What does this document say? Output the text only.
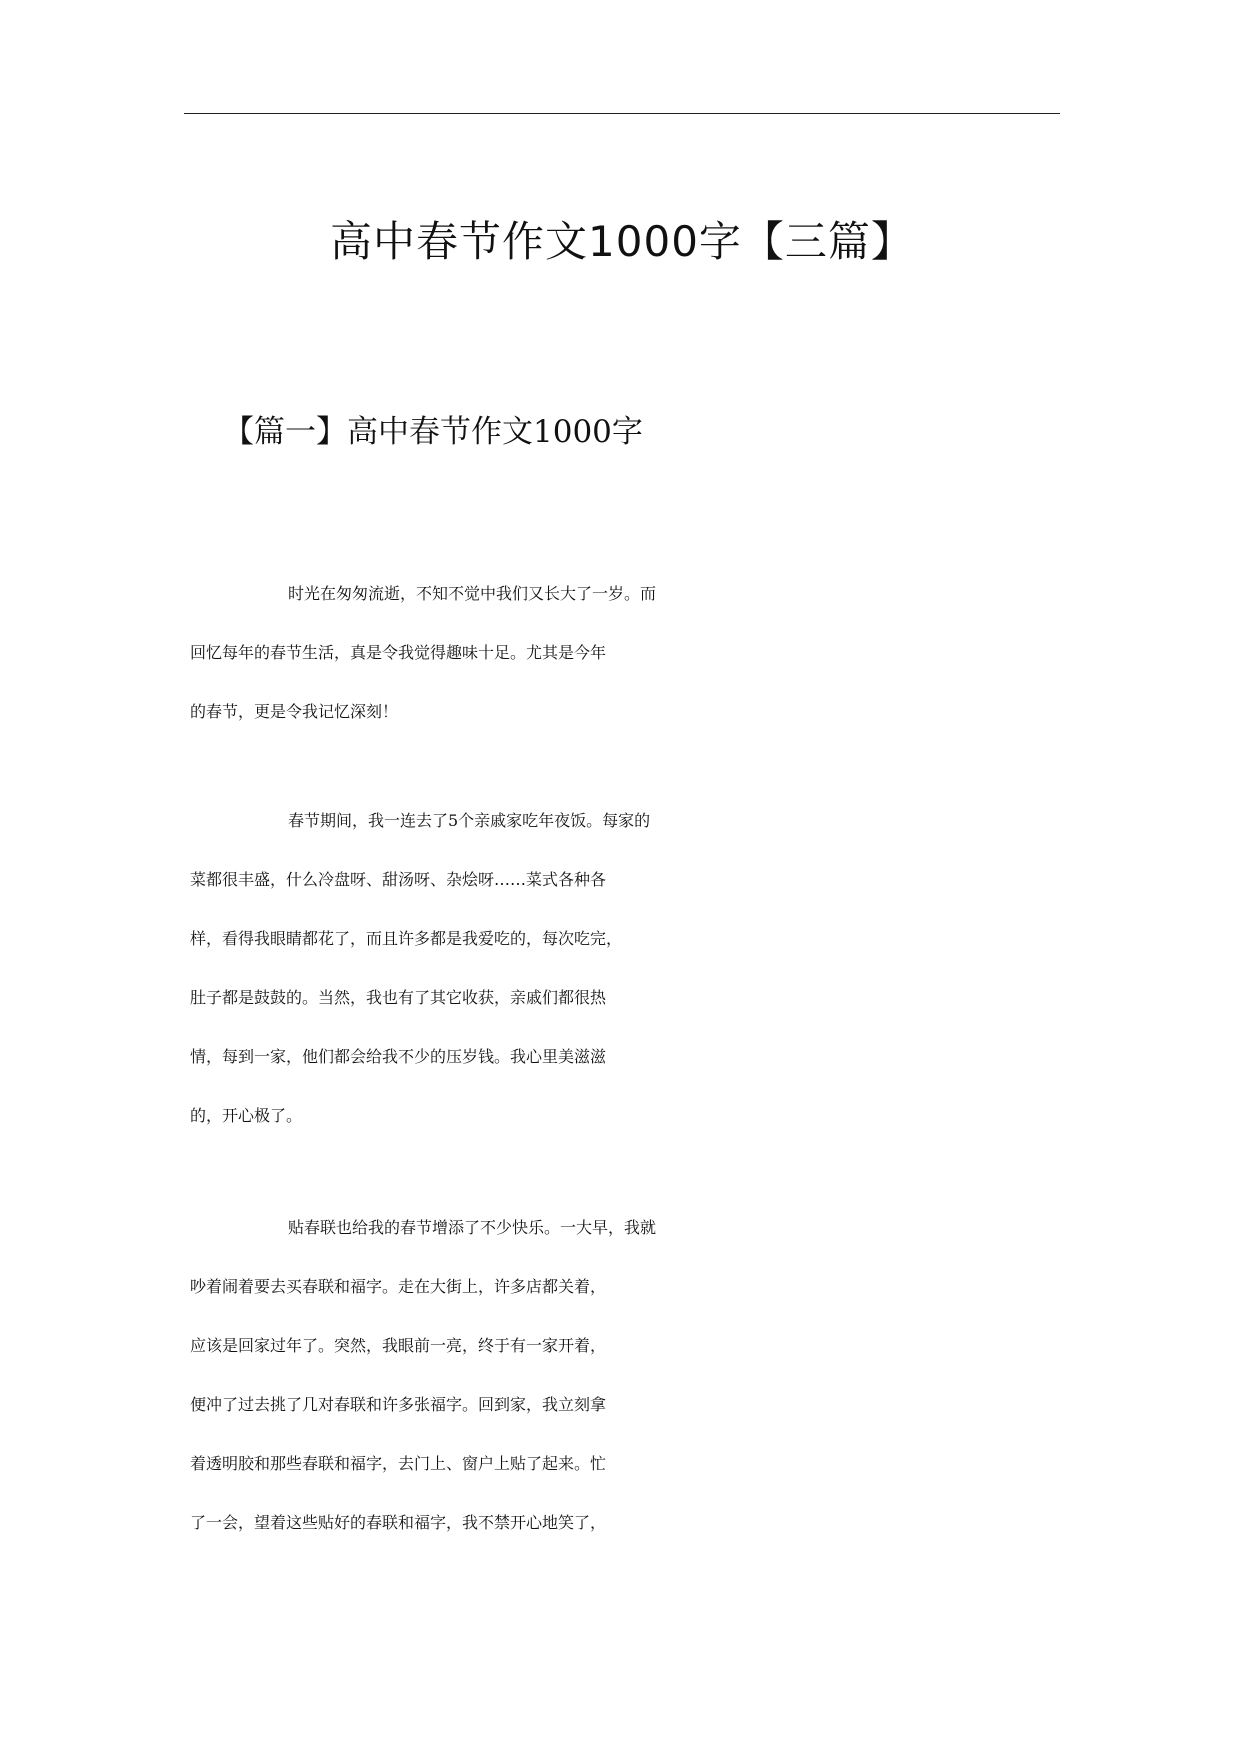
高中春节作文1000字【三篇】
【篇一】高中春节作文1000字
时光在匆匆流逝，不知不觉中我们又长大了一岁。而
回忆每年的春节生活，真是令我觉得趣味十足。尤其是今年
的春节，更是令我记忆深刻！
春节期间，我一连去了5个亲戚家吃年夜饭。每家的
菜都很丰盛，什么冷盘呀、甜汤呀、杂烩呀……菜式各种各
样，看得我眼睛都花了，而且许多都是我爱吃的，每次吃完，
肚子都是鼓鼓的。当然，我也有了其它收获，亲戚们都很热
情，每到一家，他们都会给我不少的压岁钱。我心里美滋滋
的，开心极了。
贴春联也给我的春节增添了不少快乐。一大早，我就
吵着闹着要去买春联和福字。走在大街上，许多店都关着，
应该是回家过年了。突然，我眼前一亮，终于有一家开着，
便冲了过去挑了几对春联和许多张福字。回到家，我立刻拿
着透明胶和那些春联和福字，去门上、窗户上贴了起来。忙
了一会，望着这些贴好的春联和福字，我不禁开心地笑了，
